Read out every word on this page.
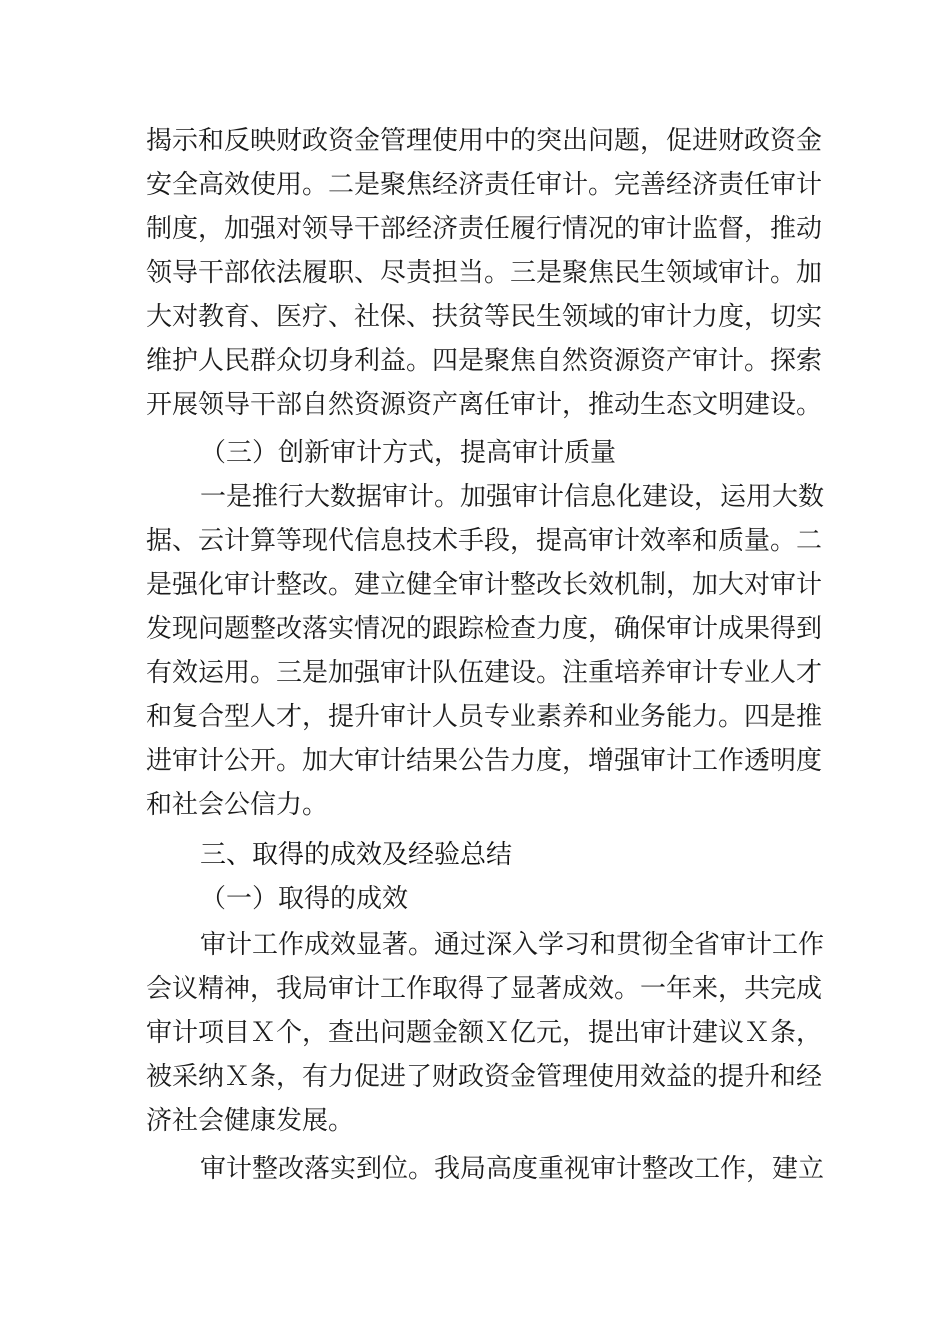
揭示和反映财政资金管理使用中的突出问题，促进财政资金
安全高效使用。二是聚焦经济责任审计。完善经济责任审计
制度，加强对领导干部经济责任履行情况的审计监督，推动
领导干部依法履职、尽责担当。三是聚焦民生领域审计。加
大对教育、医疗、社保、扶贫等民生领域的审计力度，切实
维护人民群众切身利益。四是聚焦自然资源资产审计。探索
开展领导干部自然资源资产离任审计，推动生态文明建设。
（三）创新审计方式，提高审计质量
一是推行大数据审计。加强审计信息化建设，运用大数
据、云计算等现代信息技术手段，提高审计效率和质量。二
是强化审计整改。建立健全审计整改长效机制，加大对审计
发现问题整改落实情况的跟踪检查力度，确保审计成果得到
有效运用。三是加强审计队伍建设。注重培养审计专业人才
和复合型人才，提升审计人员专业素养和业务能力。四是推
进审计公开。加大审计结果公告力度，增强审计工作透明度
和社会公信力。
三、取得的成效及经验总结
（一）取得的成效
审计工作成效显著。通过深入学习和贯彻全省审计工作
会议精神，我局审计工作取得了显著成效。一年来，共完成
审计项目Ｘ个，查出问题金额Ｘ亿元，提出审计建议Ｘ条，
被采纳Ｘ条，有力促进了财政资金管理使用效益的提升和经
济社会健康发展。
审计整改落实到位。我局高度重视审计整改工作，建立
